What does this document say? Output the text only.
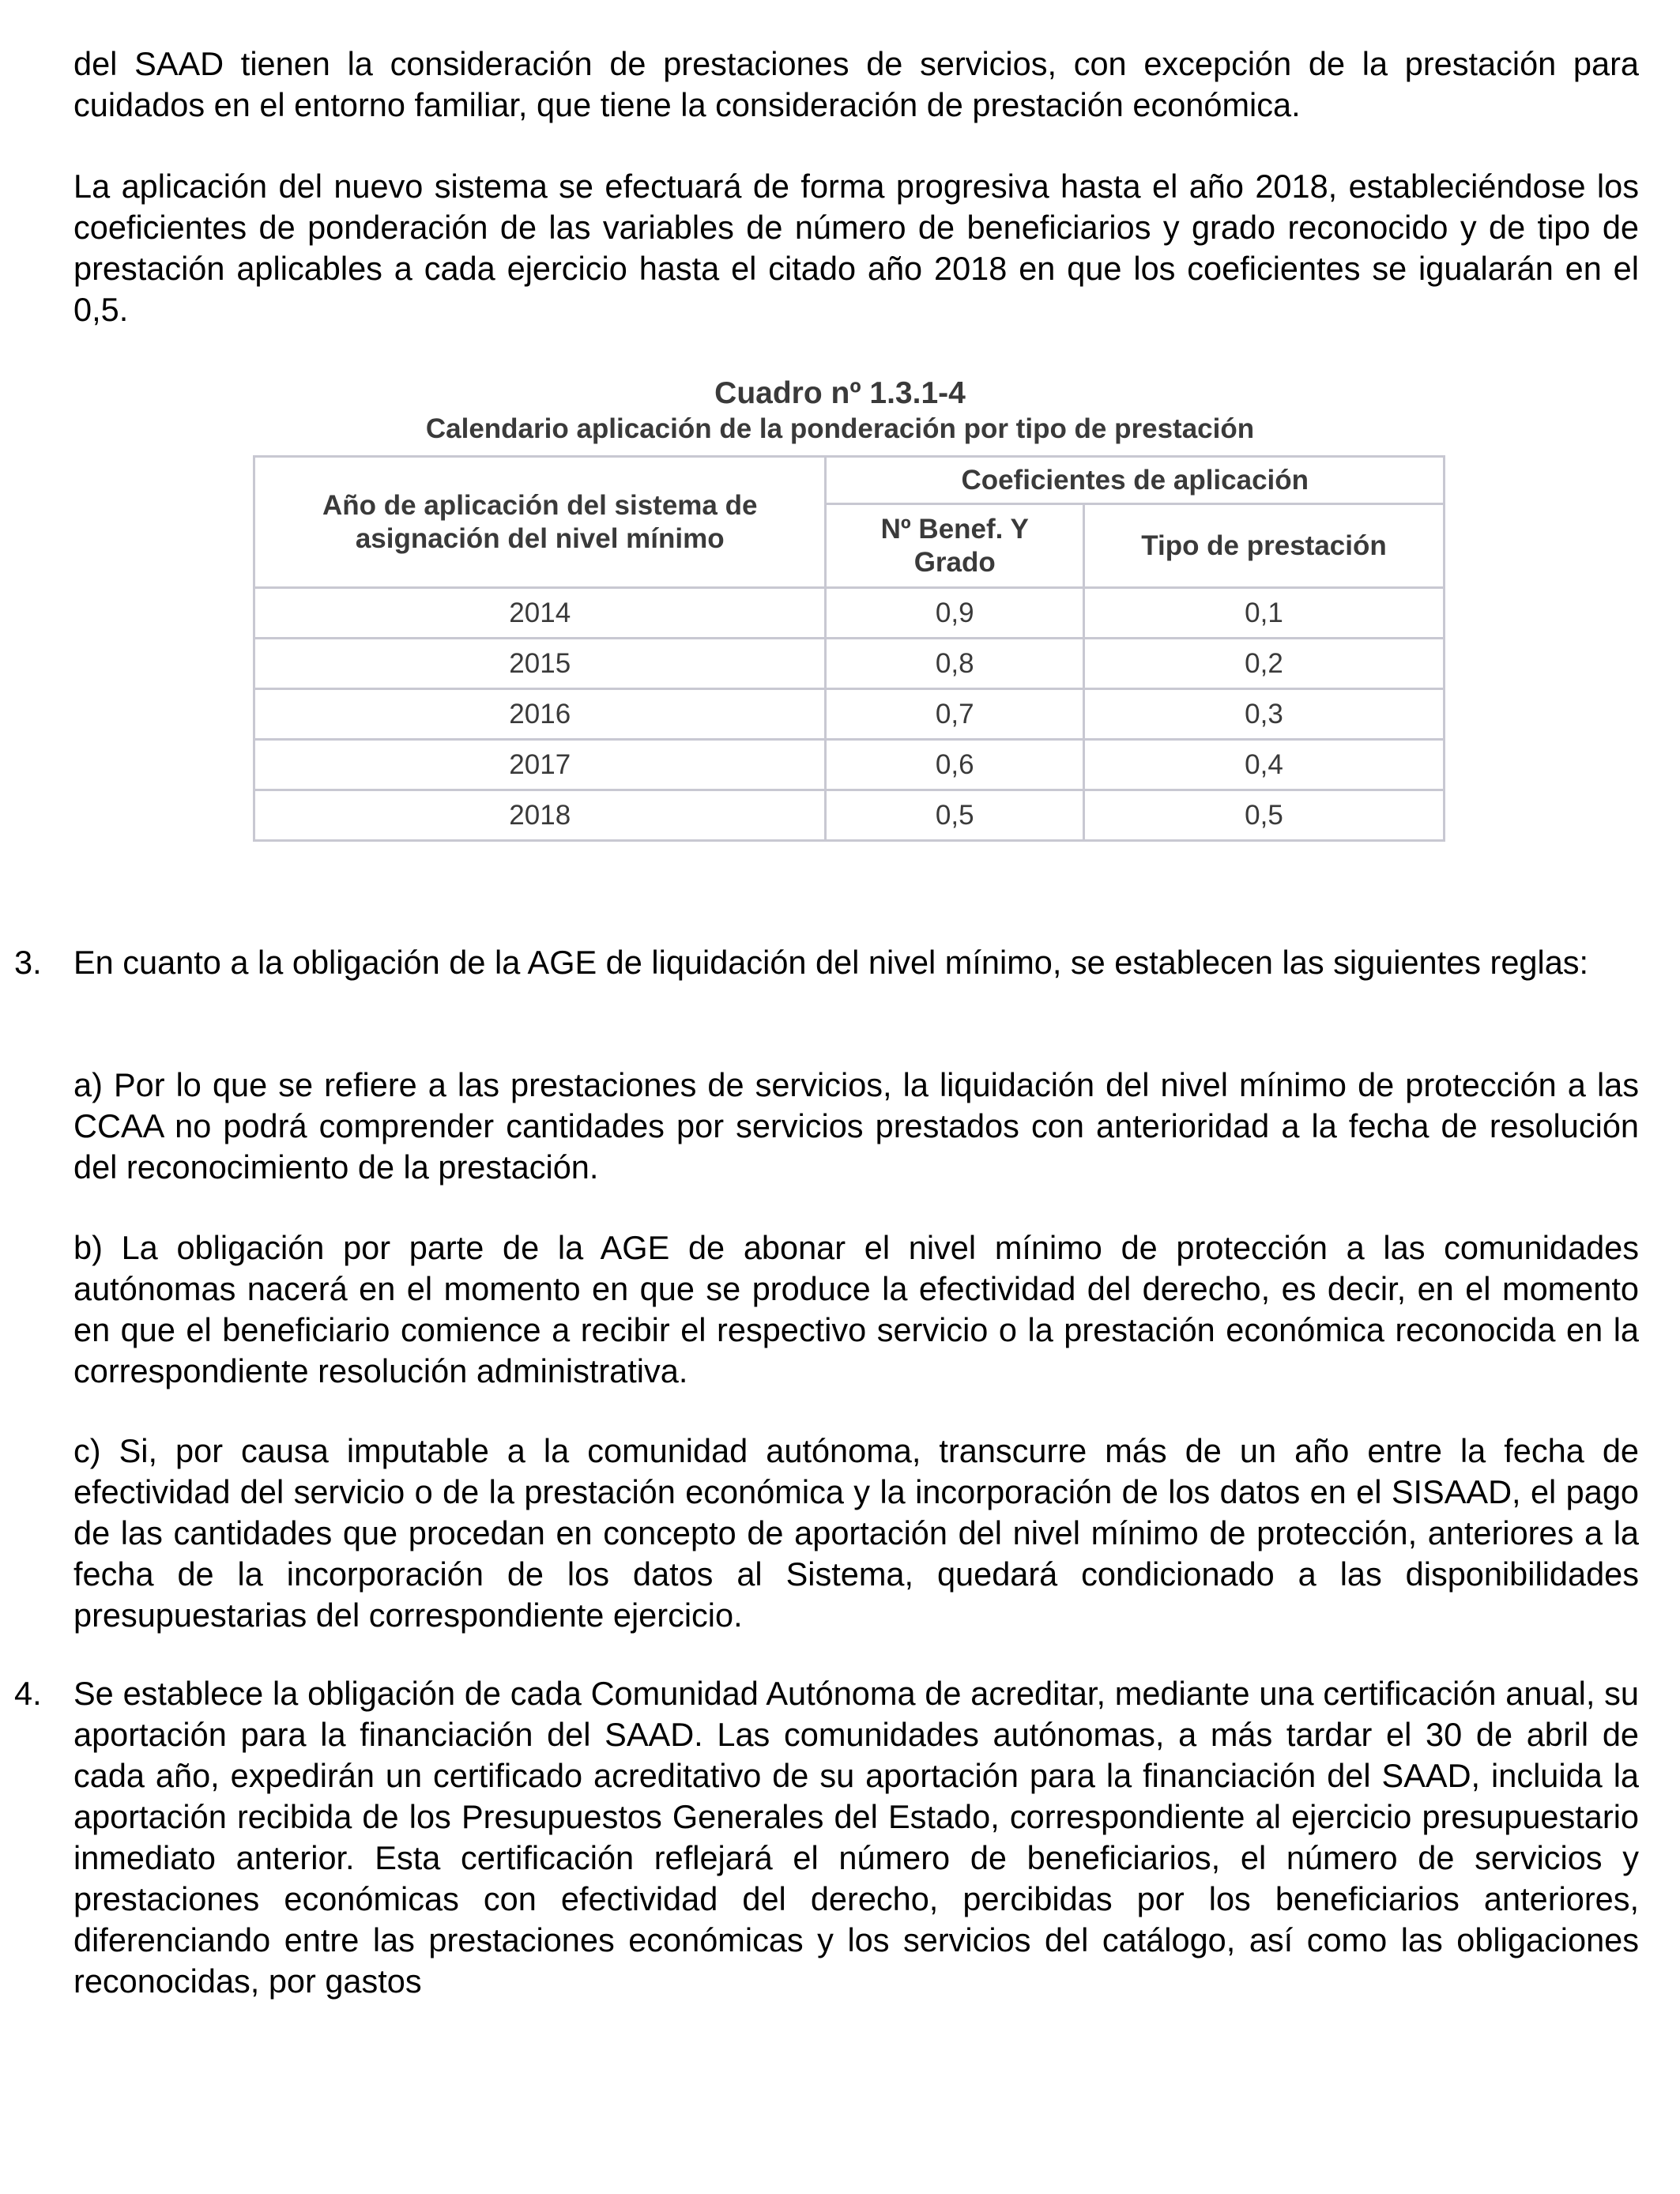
del SAAD tienen la consideración de prestaciones de servicios, con excepción de la prestación para cuidados en el entorno familiar, que tiene la consideración de prestación económica.

La aplicación del nuevo sistema se efectuará de forma progresiva hasta el año 2018, estableciéndose los coeficientes de ponderación de las variables de número de beneficiarios y grado reconocido y de tipo de prestación aplicables a cada ejercicio hasta el citado año 2018 en que los coeficientes se igualarán en el 0,5.

Cuadro nº 1.3.1-4
Calendario aplicación de la ponderación por tipo de prestación
Año de aplicación del sistema de asignación del nivel mínimo	Coeficientes de aplicación	
	Nº Benef. Y Grado	Tipo de prestación
2014	0,9	0,1
2015	0,8	0,2
2016	0,7	0,3
2017	0,6	0,4
2018	0,5	0,5
3. En cuanto a la obligación de la AGE de liquidación del nivel mínimo, se establecen las siguientes reglas:

a) Por lo que se refiere a las prestaciones de servicios, la liquidación del nivel mínimo de protección a las CCAA no podrá comprender cantidades por servicios prestados con anterioridad a la fecha de resolución del reconocimiento de la prestación.

b) La obligación por parte de la AGE de abonar el nivel mínimo de protección a las comunidades autónomas nacerá en el momento en que se produce la efectividad del derecho, es decir, en el momento en que el beneficiario comience a recibir el respectivo servicio o la prestación económica reconocida en la correspondiente resolución administrativa.

c) Si, por causa imputable a la comunidad autónoma, transcurre más de un año entre la fecha de efectividad del servicio o de la prestación económica y la incorporación de los datos en el SISAAD, el pago de las cantidades que procedan en concepto de aportación del nivel mínimo de protección, anteriores a la fecha de la incorporación de los datos al Sistema, quedará condicionado a las disponibilidades presupuestarias del correspondiente ejercicio.

4. Se establece la obligación de cada Comunidad Autónoma de acreditar, mediante una certificación anual, su aportación para la financiación del SAAD. Las comunidades autónomas, a más tardar el 30 de abril de cada año, expedirán un certificado acreditativo de su aportación para la financiación del SAAD, incluida la aportación recibida de los Presupuestos Generales del Estado, correspondiente al ejercicio presupuestario inmediato anterior. Esta certificación reflejará el número de beneficiarios, el número de servicios y prestaciones económicas con efectividad del derecho, percibidas por los beneficiarios anteriores, diferenciando entre las prestaciones económicas y los servicios del catálogo, así como las obligaciones reconocidas, por gastos
